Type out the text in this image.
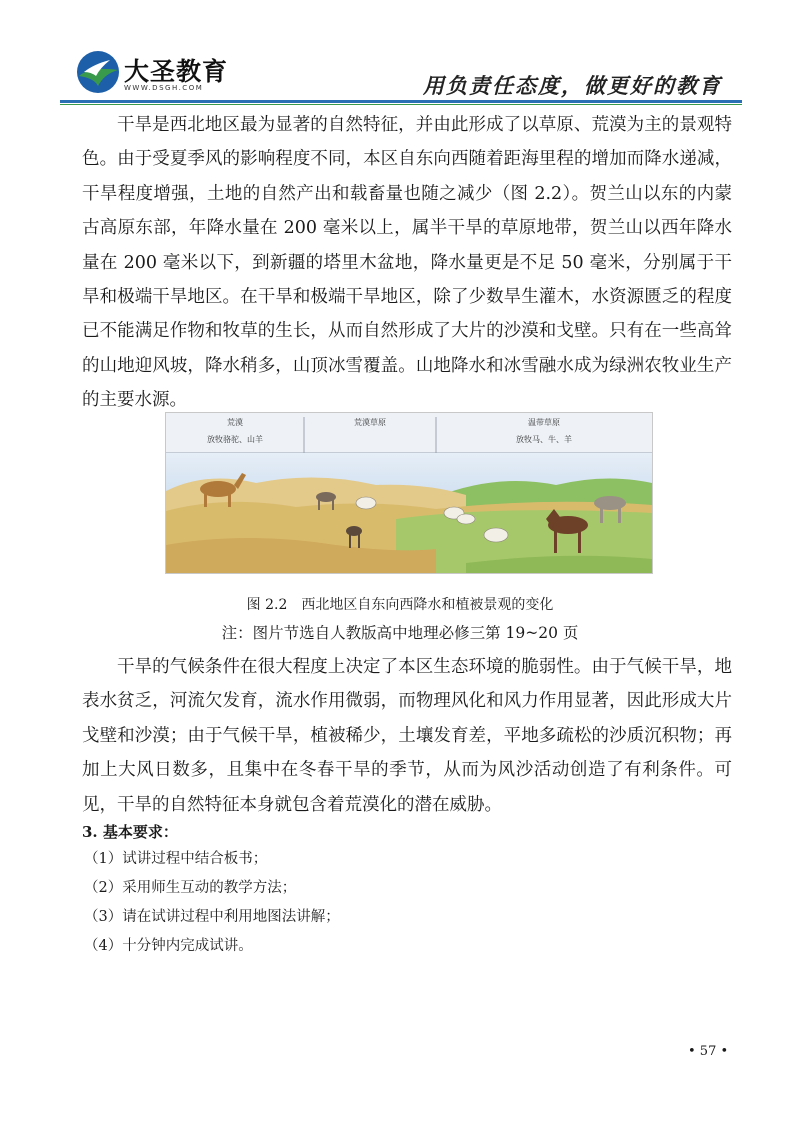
大圣教育
WWW.DSGH.COM	用负责任态度，做更好的教育

干旱是西北地区最为显著的自然特征，并由此形成了以草原、荒漠为主的景观特色。由于受夏季风的影响程度不同，本区自东向西随着距海里程的增加而降水递减，干旱程度增强，土地的自然产出和载畜量也随之减少（图 2.2）。贺兰山以东的内蒙古高原东部，年降水量在 200 毫米以上，属半干旱的草原地带，贺兰山以西年降水量在 200 毫米以下，到新疆的塔里木盆地，降水量更是不足 50 毫米，分别属于干旱和极端干旱地区。在干旱和极端干旱地区，除了少数旱生灌木，水资源匮乏的程度已不能满足作物和牧草的生长，从而自然形成了大片的沙漠和戈壁。只有在一些高耸的山地迎风坡，降水稍多，山顶冰雪覆盖。山地降水和冰雪融水成为绿洲农牧业生产的主要水源。

荒漠
放牧骆驼、山羊
荒漠草原	温带草原
放牧马、牛、羊

图 2.2　西北地区自东向西降水和植被景观的变化

注：图片节选自人教版高中地理必修三第 19~20 页

干旱的气候条件在很大程度上决定了本区生态环境的脆弱性。由于气候干旱，地表水贫乏，河流欠发育，流水作用微弱，而物理风化和风力作用显著，因此形成大片戈壁和沙漠；由于气候干旱，植被稀少，土壤发育差，平地多疏松的沙质沉积物；再加上大风日数多，且集中在冬春干旱的季节，从而为风沙活动创造了有利条件。可见，干旱的自然特征本身就包含着荒漠化的潜在威胁。

3. 基本要求：

（1）试讲过程中结合板书；
（2）采用师生互动的教学方法；
（3）请在试讲过程中利用地图法讲解；
（4）十分钟内完成试讲。
• 57 •
